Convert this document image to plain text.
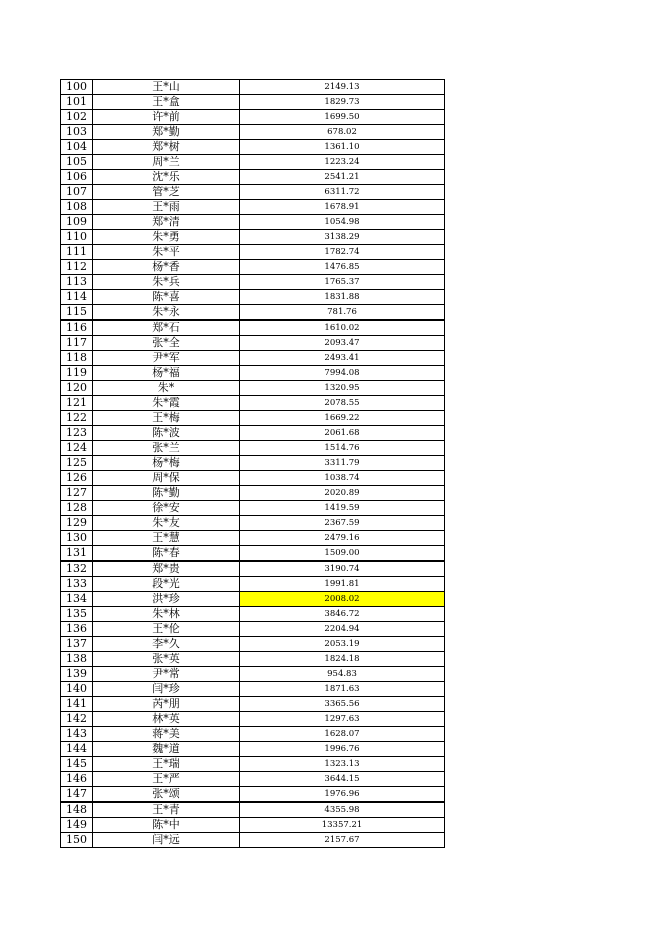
100	王*山	2149.13
101	王*盒	1829.73
102	许*前	1699.50
103	郑*勤	678.02
104	郑*树	1361.10
105	周*兰	1223.24
106	沈*乐	2541.21
107	管*芝	6311.72
108	王*雨	1678.91
109	郑*清	1054.98
110	朱*勇	3138.29
111	朱*平	1782.74
112	杨*香	1476.85
113	朱*兵	1765.37
114	陈*喜	1831.88
115	朱*永	781.76
116	郑*石	1610.02
117	张*全	2093.47
118	尹*军	2493.41
119	杨*福	7994.08
120	朱*	1320.95
121	朱*霞	2078.55
122	王*梅	1669.22
123	陈*波	2061.68
124	张*兰	1514.76
125	杨*梅	3311.79
126	周*保	1038.74
127	陈*勤	2020.89
128	徐*安	1419.59
129	朱*友	2367.59
130	王*慧	2479.16
131	陈*春	1509.00
132	郑*贵	3190.74
133	段*光	1991.81
134	洪*珍	2008.02
135	朱*林	3846.72
136	王*伦	2204.94
137	李*久	2053.19
138	张*英	1824.18
139	尹*常	954.83
140	闫*珍	1871.63
141	芮*朋	3365.56
142	林*英	1297.63
143	蒋*美	1628.07
144	魏*道	1996.76
145	王*瑞	1323.13
146	王*严	3644.15
147	张*颂	1976.96
148	王*青	4355.98
149	陈*中	13357.21
150	闫*远	2157.67
